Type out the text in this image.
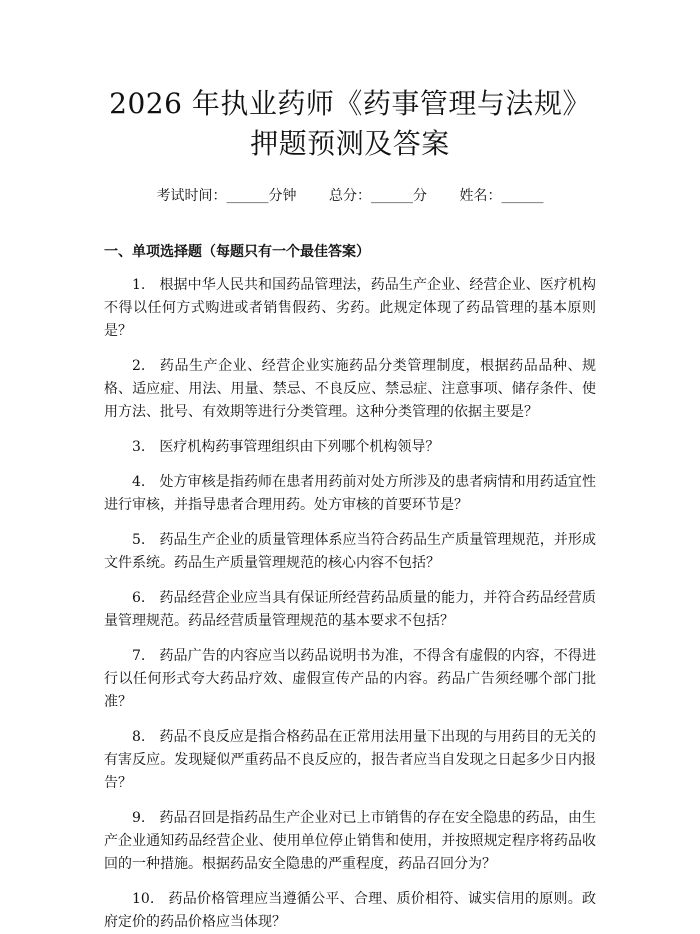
2026 年执业药师《药事管理与法规》押题预测及答案
考试时间：______分钟 总分：______分 姓名：______
一、单项选择题（每题只有一个最佳答案）

1. 根据中华人民共和国药品管理法，药品生产企业、经营企业、医疗机构不得以任何方式购进或者销售假药、劣药。此规定体现了药品管理的基本原则是？

2. 药品生产企业、经营企业实施药品分类管理制度，根据药品品种、规格、适应症、用法、用量、禁忌、不良反应、禁忌症、注意事项、储存条件、使用方法、批号、有效期等进行分类管理。这种分类管理的依据主要是？

3. 医疗机构药事管理组织由下列哪个机构领导？

4. 处方审核是指药师在患者用药前对处方所涉及的患者病情和用药适宜性进行审核，并指导患者合理用药。处方审核的首要环节是？

5. 药品生产企业的质量管理体系应当符合药品生产质量管理规范，并形成文件系统。药品生产质量管理规范的核心内容不包括？

6. 药品经营企业应当具有保证所经营药品质量的能力，并符合药品经营质量管理规范。药品经营质量管理规范的基本要求不包括？

7. 药品广告的内容应当以药品说明书为准，不得含有虚假的内容，不得进行以任何形式夸大药品疗效、虚假宣传产品的内容。药品广告须经哪个部门批准？

8. 药品不良反应是指合格药品在正常用法用量下出现的与用药目的无关的有害反应。发现疑似严重药品不良反应的，报告者应当自发现之日起多少日内报告？

9. 药品召回是指药品生产企业对已上市销售的存在安全隐患的药品，由生产企业通知药品经营企业、使用单位停止销售和使用，并按照规定程序将药品收回的一种措施。根据药品安全隐患的严重程度，药品召回分为？

10. 药品价格管理应当遵循公平、合理、质价相符、诚实信用的原则。政府定价的药品价格应当体现？
